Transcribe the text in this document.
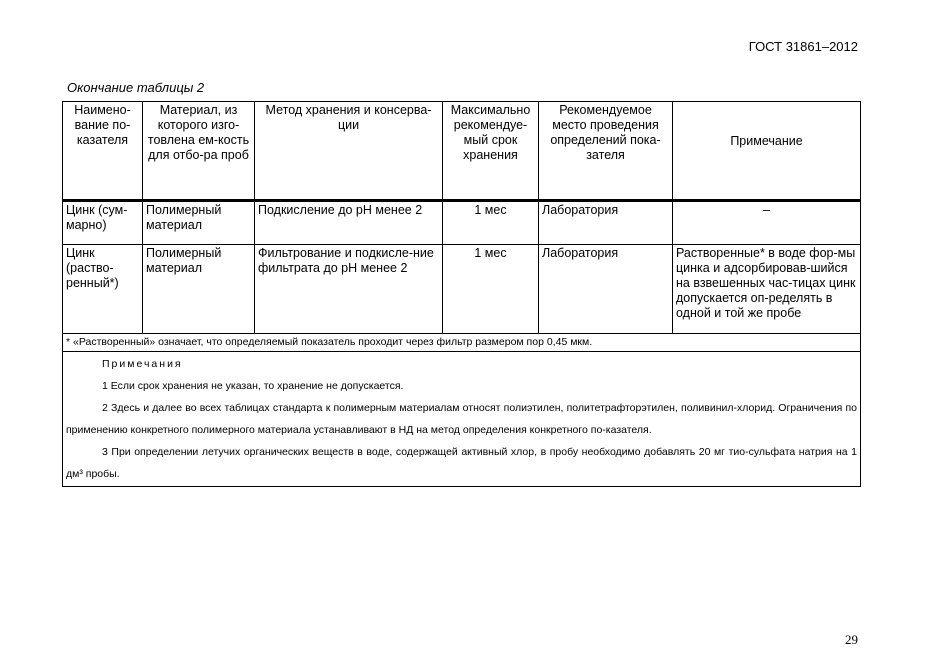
ГОСТ 31861–2012
Окончание таблицы 2
Наимено-вание по-казателя	Материал, из которого изго-товлена ем-кость для отбо-ра проб	Метод хранения и консерва-ции	Максимально рекомендуе-мый срок хранения	Рекомендуемое место проведения определений пока-зателя	Примечание
Цинк (сум-марно)	Полимерный материал	Подкисление до pH менее 2	1 мес	Лаборатория	–
Цинк (раство-ренный*)	Полимерный материал	Фильтрование и подкисле-ние фильтрата до pH менее 2	1 мес	Лаборатория	Растворенные* в воде фор-мы цинка и адсорбировав-шийся на взвешенных час-тицах цинк допускается оп-ределять в одной и той же пробе
* «Растворенный» означает, что определяемый показатель проходит через фильтр размером пор 0,45 мкм.					

Примечания

1 Если срок хранения не указан, то хранение не допускается.

2 Здесь и далее во всех таблицах стандарта к полимерным материалам относят полиэтилен, политетрафторэтилен, поливинил-хлорид. Ограничения по применению конкретного полимерного материала устанавливают в НД на метод определения конкретного по-казателя.

3 При определении летучих органических веществ в воде, содержащей активный хлор, в пробу необходимо добавлять 20 мг тио-сульфата натрия на 1 дм³ пробы.					

29
